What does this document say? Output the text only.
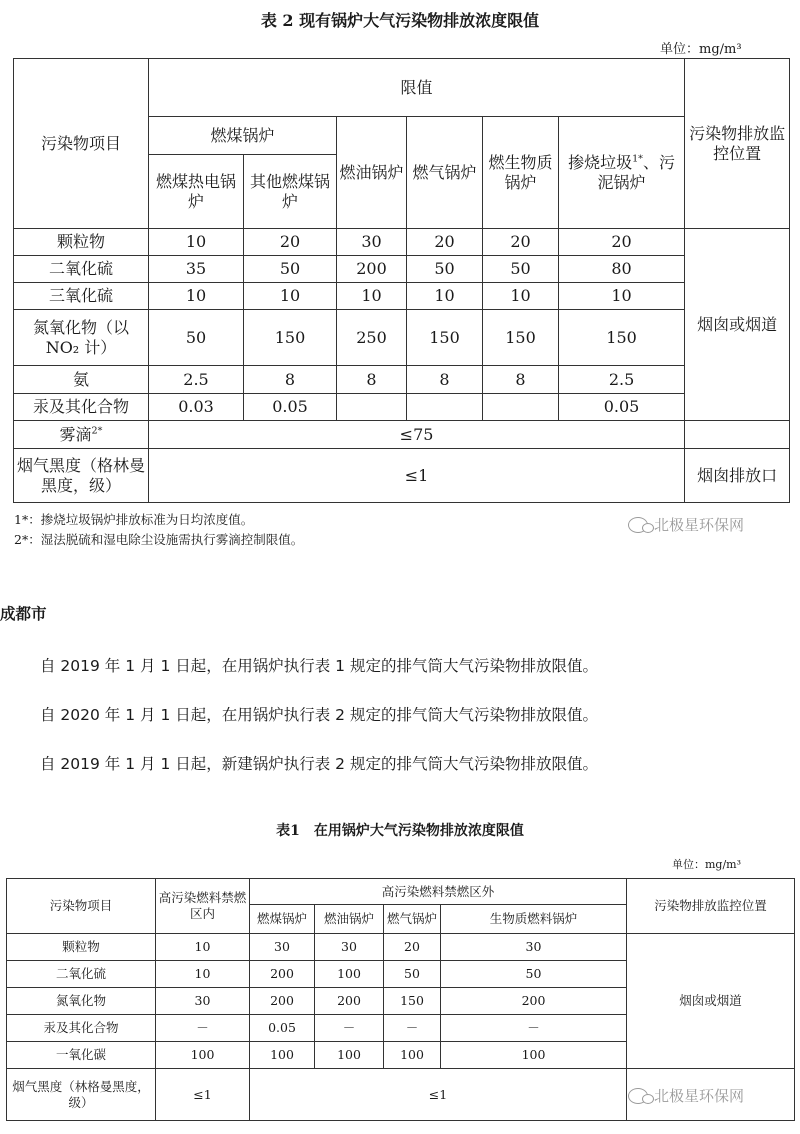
表 2 现有锅炉大气污染物排放浓度限值
单位：mg/m³
污染物项目	限值						污染物排放监控位置
	燃煤锅炉		燃油锅炉	燃气锅炉	燃生物质锅炉	掺烧垃圾$^{1*}$、污泥锅炉	
	燃煤热电锅炉	其他燃煤锅炉					
颗粒物	10	20	30	20	20	20	烟囱或烟道
二氧化硫	35	50	200	50	50	80	
三氧化硫	10	10	10	10	10	10	
氮氧化物（以 NO₂ 计）	50	150	250	150	150	150	
氨	2.5	8	8	8	8	2.5	
汞及其化合物	0.03	0.05				0.05	
雾滴$^{2*}$	≤75						
烟气黑度（格林曼黑度，级）	≤1						烟囱排放口
1*：掺烧垃圾锅炉排放标准为日均浓度值。
2*：湿法脱硫和湿电除尘设施需执行雾滴控制限值。
北极星环保网
成都市
自 2019 年 1 月 1 日起，在用锅炉执行表 1 规定的排气筒大气污染物排放限值。
自 2020 年 1 月 1 日起，在用锅炉执行表 2 规定的排气筒大气污染物排放限值。
自 2019 年 1 月 1 日起，新建锅炉执行表 2 规定的排气筒大气污染物排放限值。
表1　在用锅炉大气污染物排放浓度限值
单位：mg/m³
污染物项目	高污染燃料禁燃区内	高污染燃料禁燃区外				污染物排放监控位置
		燃煤锅炉	燃油锅炉	燃气锅炉	生物质燃料锅炉	
颗粒物	10	30	30	20	30	烟囱或烟道
二氧化硫	10	200	100	50	50	
氮氧化物	30	200	200	150	200	
汞及其化合物	－	0.05	－	－	－	
一氧化碳	100	100	100	100	100	
烟气黑度（林格曼黑度，级）	≤1	≤1					北极星环保网
